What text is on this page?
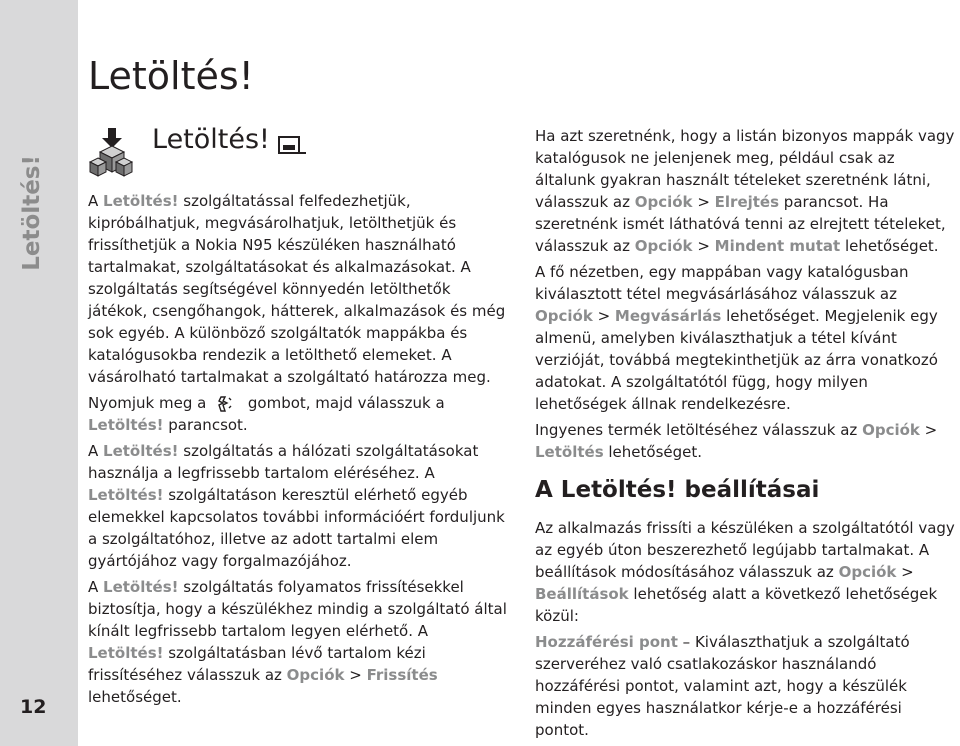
Letöltés!
12
Letöltés!
Letöltés!

A Letöltés! szolgáltatással felfedezhetjük, kipróbálhatjuk, megvásárolhatjuk, letölthetjük és frissíthetjük a Nokia N95 készüléken használható tartalmakat, szolgáltatásokat és alkalmazásokat. A szolgáltatás segítségével könnyedén letölthetők játékok, csengőhangok, hátterek, alkalmazások és még sok egyéb. A különböző szolgáltatók mappákba és katalógusokba rendezik a letölthető elemeket. A vásárolható tartalmakat a szolgáltató határozza meg.

Nyomjuk meg a  gombot, majd válasszuk a Letöltés! parancsot.

A Letöltés! szolgáltatás a hálózati szolgáltatásokat használja a legfrissebb tartalom eléréséhez. A Letöltés! szolgáltatáson keresztül elérhető egyéb elemekkel kapcsolatos további információért forduljunk a szolgáltatóhoz, illetve az adott tartalmi elem gyártójához vagy forgalmazójához.

A Letöltés! szolgáltatás folyamatos frissítésekkel biztosítja, hogy a készülékhez mindig a szolgáltató által kínált legfrissebb tartalom legyen elérhető. A Letöltés! szolgáltatásban lévő tartalom kézi frissítéséhez válasszuk az Opciók > Frissítés lehetőséget.

Ha azt szeretnénk, hogy a listán bizonyos mappák vagy katalógusok ne jelenjenek meg, például csak az általunk gyakran használt tételeket szeretnénk látni, válasszuk az Opciók > Elrejtés parancsot. Ha szeretnénk ismét láthatóvá tenni az elrejtett tételeket, válasszuk az Opciók > Mindent mutat lehetőséget.

A fő nézetben, egy mappában vagy katalógusban kiválasztott tétel megvásárlásához válasszuk az Opciók > Megvásárlás lehetőséget. Megjelenik egy almenü, amelyben kiválaszthatjuk a tétel kívánt verzióját, továbbá megtekinthetjük az árra vonatkozó adatokat. A szolgáltatótól függ, hogy milyen lehetőségek állnak rendelkezésre.

Ingyenes termék letöltéséhez válasszuk az Opciók > Letöltés lehetőséget.

A Letöltés! beállításai

Az alkalmazás frissíti a készüléken a szolgáltatótól vagy az egyéb úton beszerezhető legújabb tartalmakat. A beállítások módosításához válasszuk az Opciók > Beállítások lehetőség alatt a következő lehetőségek közül:

Hozzáférési pont – Kiválaszthatjuk a szolgáltató szerveréhez való csatlakozáskor használandó hozzáférési pontot, valamint azt, hogy a készülék minden egyes használatkor kérje-e a hozzáférési pontot.
